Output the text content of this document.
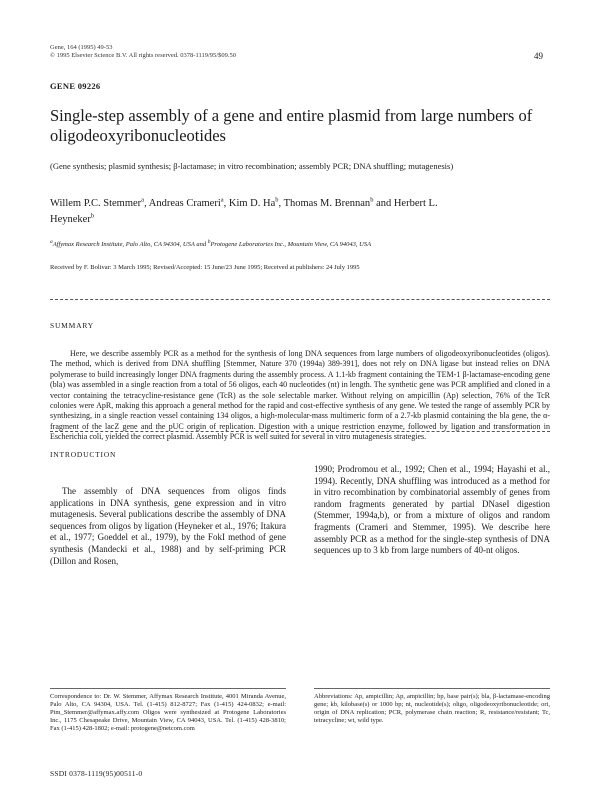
Gene, 164 (1995) 49-53
© 1995 Elsevier Science B.V. All rights reserved. 0378-1119/95/$09.50	49
GENE 09226
Single-step assembly of a gene and entire plasmid from large numbers of oligodeoxyribonucleotides
(Gene synthesis; plasmid synthesis; β-lactamase; in vitro recombination; assembly PCR; DNA shuffling; mutagenesis)
Willem P.C. Stemmer$^a$, Andreas Crameri$^a$, Kim D. Ha$^b$, Thomas M. Brennan$^b$ and Herbert L. Heyneker$^b$
$^a$Affymax Research Institute, Palo Alto, CA 94304, USA and $^b$Protogene Laboratories Inc., Mountain View, CA 94043, USA
Received by F. Bolivar: 3 March 1995; Revised/Accepted: 15 June/23 June 1995; Received at publishers: 24 July 1995
SUMMARY

Here, we describe assembly PCR as a method for the synthesis of long DNA sequences from large numbers of oligodeoxyribonucleotides (oligos). The method, which is derived from DNA shuffling [Stemmer, Nature 370 (1994a) 389-391], does not rely on DNA ligase but instead relies on DNA polymerase to build increasingly longer DNA fragments during the assembly process. A 1.1-kb fragment containing the TEM-1 β-lactamase-encoding gene (bla) was assembled in a single reaction from a total of 56 oligos, each 40 nucleotides (nt) in length. The synthetic gene was PCR amplified and cloned in a vector containing the tetracycline-resistance gene (TcR) as the sole selectable marker. Without relying on ampicillin (Ap) selection, 76% of the TcR colonies were ApR, making this approach a general method for the rapid and cost-effective synthesis of any gene. We tested the range of assembly PCR by synthesizing, in a single reaction vessel containing 134 oligos, a high-molecular-mass multimeric form of a 2.7-kb plasmid containing the bla gene, the α-fragment of the lacZ gene and the pUC origin of replication. Digestion with a unique restriction enzyme, followed by ligation and transformation in Escherichia coli, yielded the correct plasmid. Assembly PCR is well suited for several in vitro mutagenesis strategies.

INTRODUCTION

The assembly of DNA sequences from oligos finds applications in DNA synthesis, gene expression and in vitro mutagenesis. Several publications describe the assembly of DNA sequences from oligos by ligation (Heyneker et al., 1976; Itakura et al., 1977; Goeddel et al., 1979), by the FokI method of gene synthesis (Mandecki et al., 1988) and by self-priming PCR (Dillon and Rosen,

1990; Prodromou et al., 1992; Chen et al., 1994; Hayashi et al., 1994). Recently, DNA shuffling was introduced as a method for in vitro recombination by combinatorial assembly of genes from random fragments generated by partial DNaseI digestion (Stemmer, 1994a,b), or from a mixture of oligos and random fragments (Crameri and Stemmer, 1995). We describe here assembly PCR as a method for the single-step synthesis of DNA sequences up to 3 kb from large numbers of 40-nt oligos.

Correspondence to: Dr. W. Stemmer, Affymax Research Institute, 4001 Miranda Avenue, Palo Alto, CA 94304, USA. Tel. (1-415) 812-8727; Fax (1-415) 424-0832; e-mail: Pim_Stemmer@affymax.affy.com Oligos were synthesized at Protogene Laboratories Inc., 1175 Chesapeake Drive, Mountain View, CA 94043, USA. Tel. (1-415) 428-3810; Fax (1-415) 428-1802; e-mail: protogene@netcom.com
Abbreviations: Ap, ampicillin; Ap, ampicillin; bp, base pair(s); bla, β-lactamase-encoding gene; kb, kilobase(s) or 1000 bp; nt, nucleotide(s); oligo, oligodeoxyribonucleotide; ori, origin of DNA replication; PCR, polymerase chain reaction; R, resistance/resistant; Tc, tetracycline; wt, wild type.
SSDI 0378-1119(95)00511-0
